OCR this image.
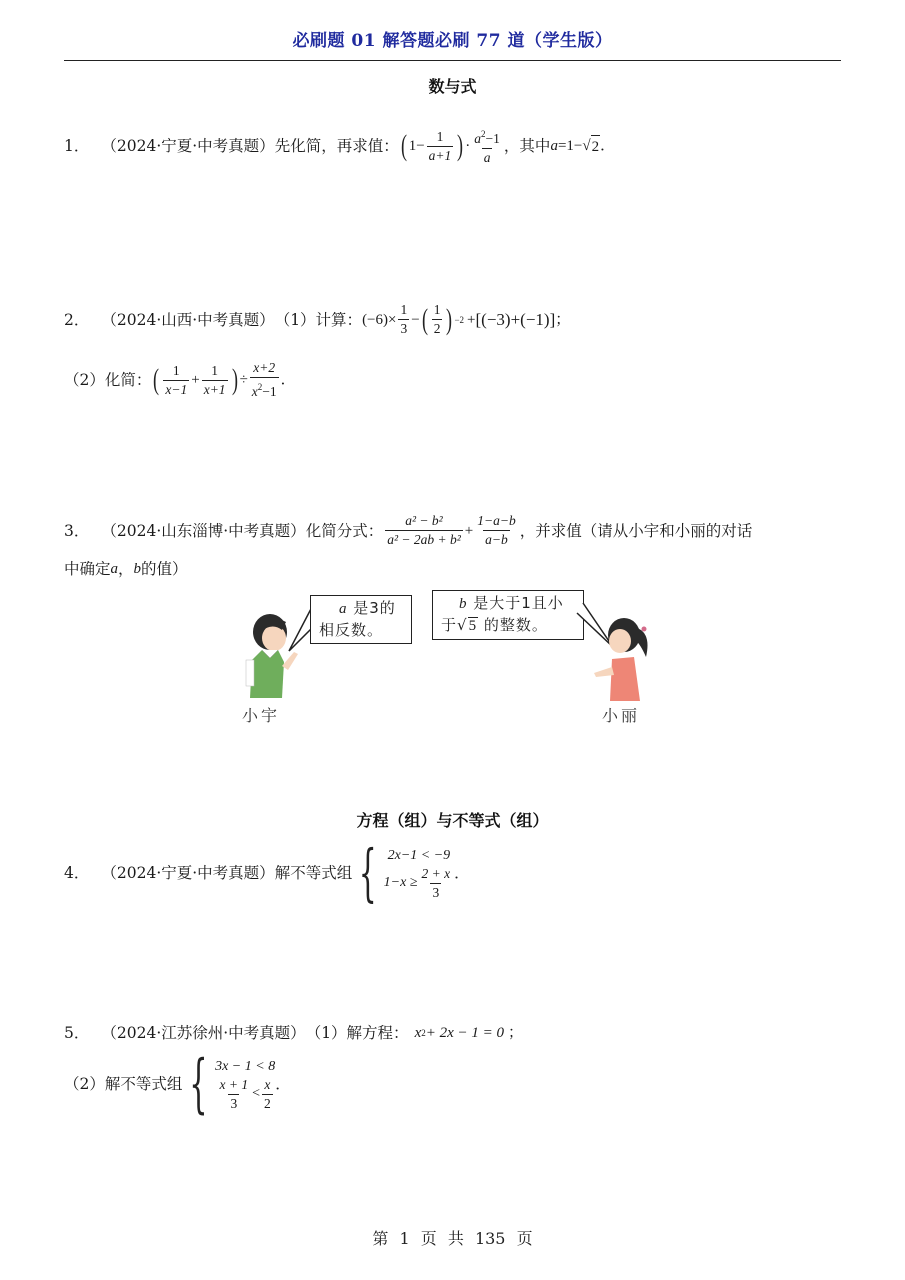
必刷题 01 解答题必刷 77 道（学生版）
数与式
1． （2024·宁夏·中考真题） 先化简，再求值： ( $1- \frac{1}{a+1}$ ) · $\frac{a^2-1}{a}$ ，其中 a =1− √ 2 ．
2． （2024·山西·中考真题） （1）计算： $(-6)\times \frac{1}{3}$ − ( $\frac{1}{2}$ ) −2 + [(−3)+(−1)] ；
（2）化简： ( $\frac{1}{x-1} + \frac{1}{x+1}$ ) ÷ $\frac{x+2}{x^2-1}$ ．
3． （2024·山东淄博·中考真题） 化简分式： $\frac{\text{a² − b²}}{\text{a² − 2ab + b²}} + \frac{1-a-b}{a-b}$ ，并求值（请从小宇和小丽的对话
中确定 a ， b 的值）
a 是3的
相反数。
小宇
b 是大于1且小
于√5 的整数。
小丽
方程（组）与不等式（组）
4． （2024·宁夏·中考真题） 解不等式组 { 2x−1 < −9
$1-x \ge \frac{2 + x}{3}$ ．
5． （2024·江苏徐州·中考真题） （1）解方程： x 2 + 2x − 1 = 0 ；
（2）解不等式组 { 3x − 1 < 8
$\frac{x + 1}{3} < \frac{x}{2}$ ．
第 1 页 共 135 页
